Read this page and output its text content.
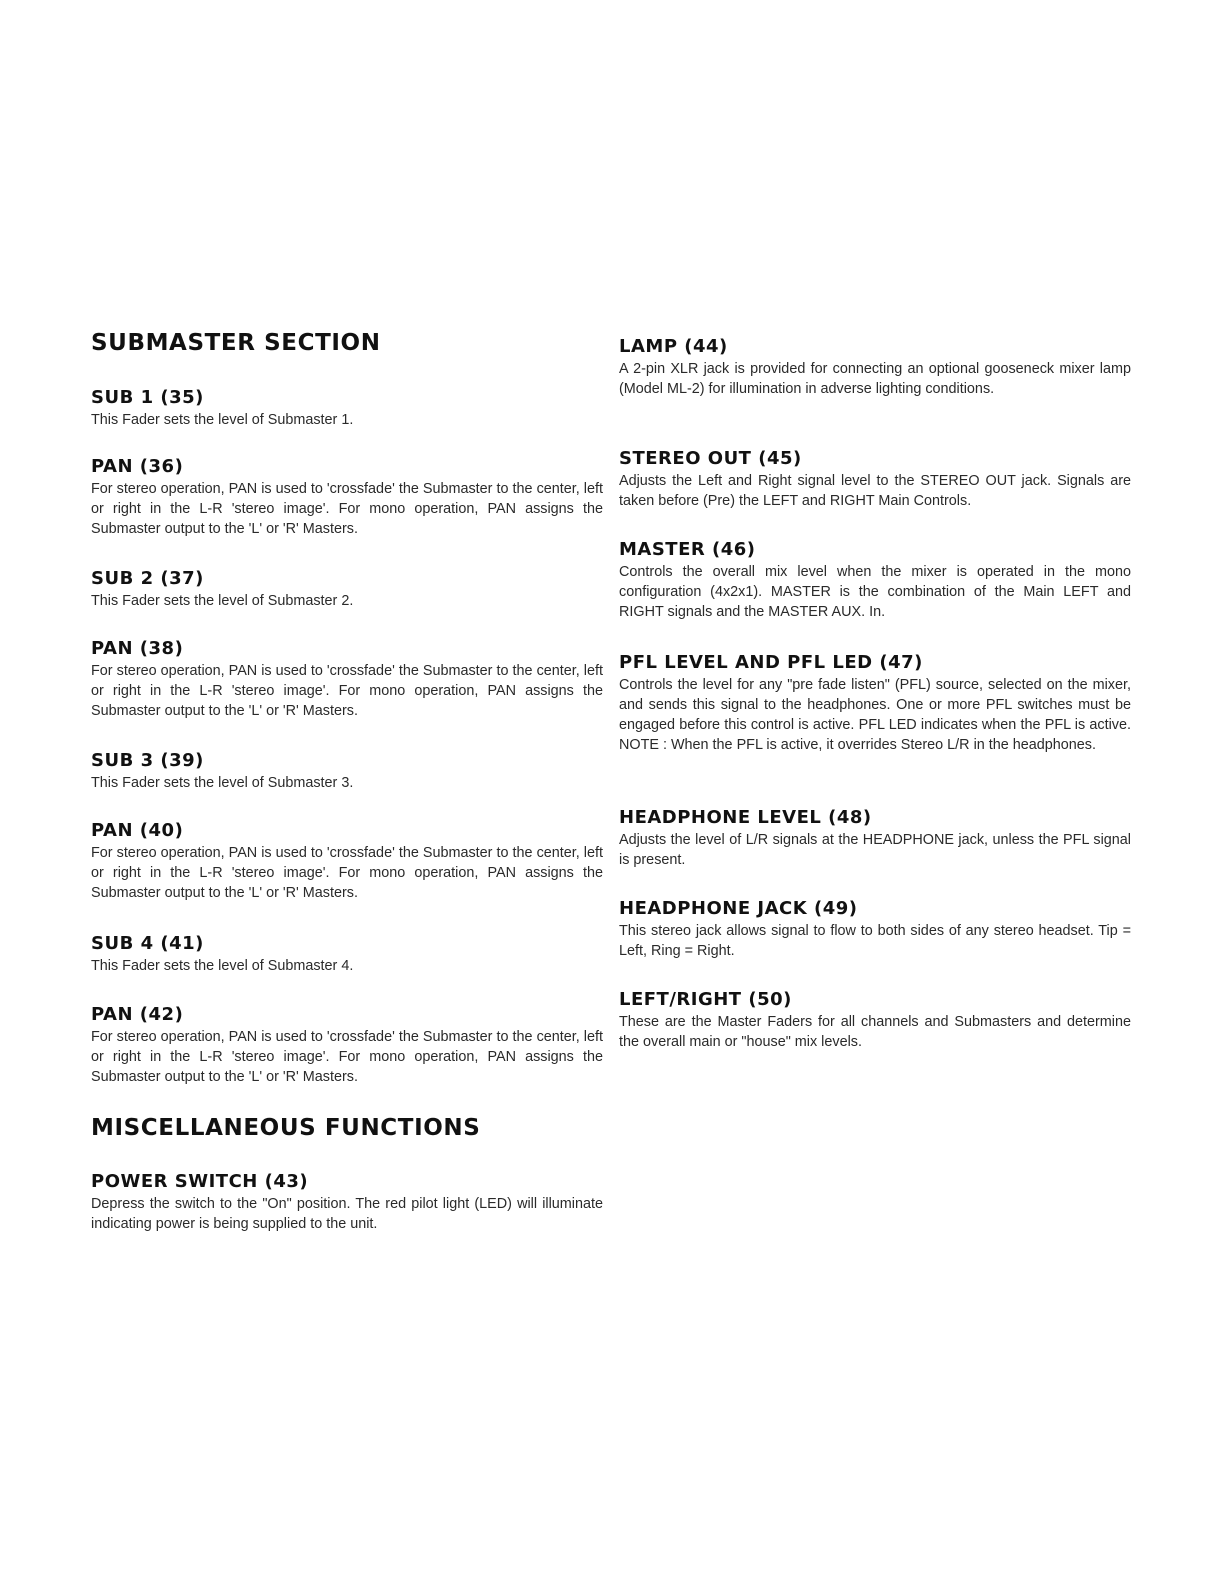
SUBMASTER SECTION
SUB 1 (35)

This Fader sets the level of Submaster 1.

PAN (36)

For stereo operation, PAN is used to 'crossfade' the Submaster to the center, left or right in the L-R 'stereo image'. For mono operation, PAN assigns the Submaster output to the 'L' or 'R' Masters.

SUB 2 (37)

This Fader sets the level of Submaster 2.

PAN (38)

For stereo operation, PAN is used to 'crossfade' the Submaster to the center, left or right in the L-R 'stereo image'. For mono operation, PAN assigns the Submaster output to the 'L' or 'R' Masters.

SUB 3 (39)

This Fader sets the level of Submaster 3.

PAN (40)

For stereo operation, PAN is used to 'crossfade' the Submaster to the center, left or right in the L-R 'stereo image'. For mono operation, PAN assigns the Submaster output to the 'L' or 'R' Masters.

SUB 4 (41)

This Fader sets the level of Submaster 4.

PAN (42)

For stereo operation, PAN is used to 'crossfade' the Submaster to the center, left or right in the L-R 'stereo image'. For mono operation, PAN assigns the Submaster output to the 'L' or 'R' Masters.

MISCELLANEOUS FUNCTIONS
POWER SWITCH (43)

Depress the switch to the "On" position. The red pilot light (LED) will illuminate indicating power is being supplied to the unit.

LAMP (44)

A 2-pin XLR jack is provided for connecting an optional gooseneck mixer lamp (Model ML-2) for illumination in adverse lighting conditions.

STEREO OUT (45)

Adjusts the Left and Right signal level to the STEREO OUT jack. Signals are taken before (Pre) the LEFT and RIGHT Main Controls.

MASTER (46)

Controls the overall mix level when the mixer is operated in the mono configuration (4x2x1). MASTER is the combination of the Main LEFT and RIGHT signals and the MASTER AUX. In.

PFL LEVEL AND PFL LED (47)

Controls the level for any "pre fade listen" (PFL) source, selected on the mixer, and sends this signal to the headphones. One or more PFL switches must be engaged before this control is active. PFL LED indicates when the PFL is active. NOTE : When the PFL is active, it overrides Stereo L/R in the headphones.

HEADPHONE LEVEL (48)

Adjusts the level of L/R signals at the HEADPHONE jack, unless the PFL signal is present.

HEADPHONE JACK (49)

This stereo jack allows signal to flow to both sides of any stereo headset. Tip = Left, Ring = Right.

LEFT/RIGHT (50)

These are the Master Faders for all channels and Submasters and determine the overall main or "house" mix levels.
